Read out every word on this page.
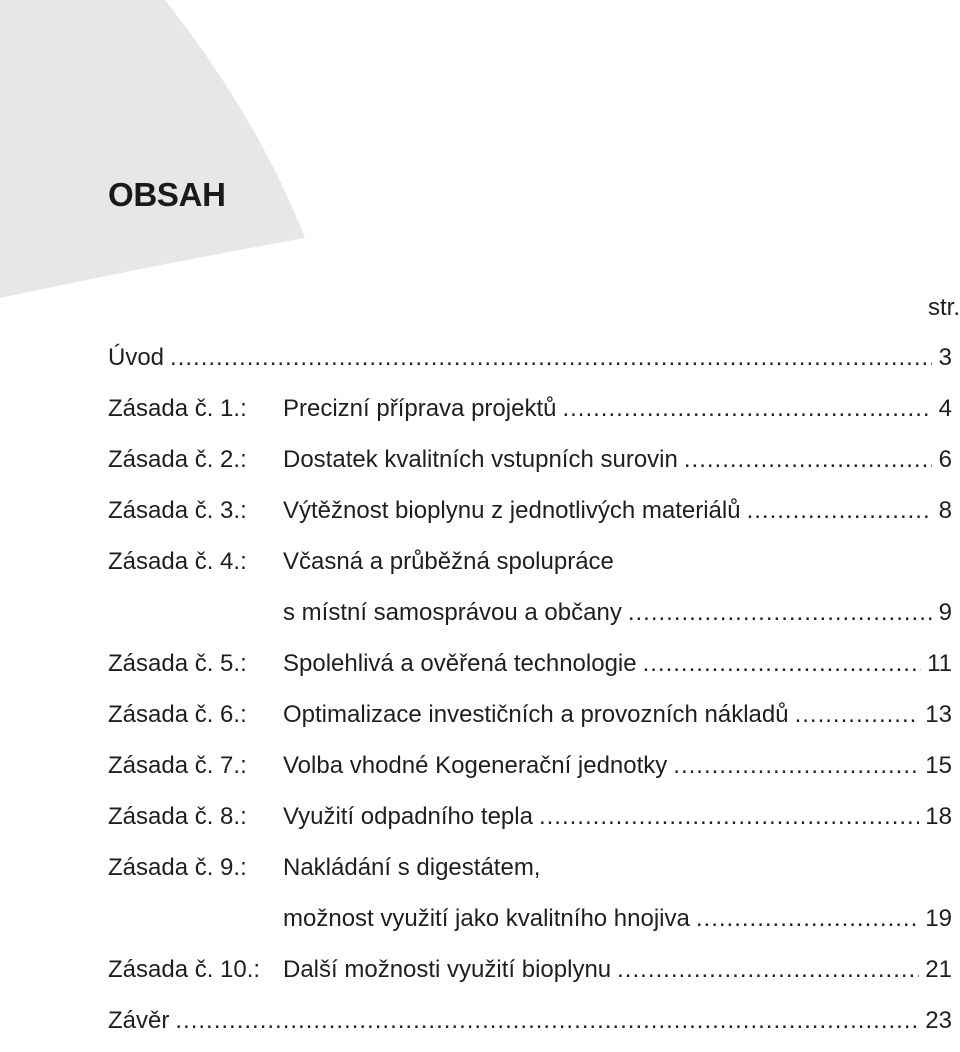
OBSAH
str.
Úvod .....	3
Zásada č. 1.:	Precizní příprava projektů .....	4
Zásada č. 2.:	Dostatek kvalitních vstupních surovin .....	6
Zásada č. 3.:	Výtěžnost bioplynu z jednotlivých materiálů .....	8
Zásada č. 4.:	Včasná a průběžná spolupráce
s místní samosprávou a občany .....	9
Zásada č. 5.:	Spolehlivá a ověřená technologie .....	11
Zásada č. 6.:	Optimalizace investičních a provozních nákladů .....	13
Zásada č. 7.:	Volba vhodné Kogenerační jednotky .....	15
Zásada č. 8.:	Využití odpadního tepla .....	18
Zásada č. 9.:	Nakládání s digestátem,
možnost využití jako kvalitního hnojiva .....	19
Zásada č. 10.: Další možnosti využití bioplynu .....	21
Závěr .....	23
